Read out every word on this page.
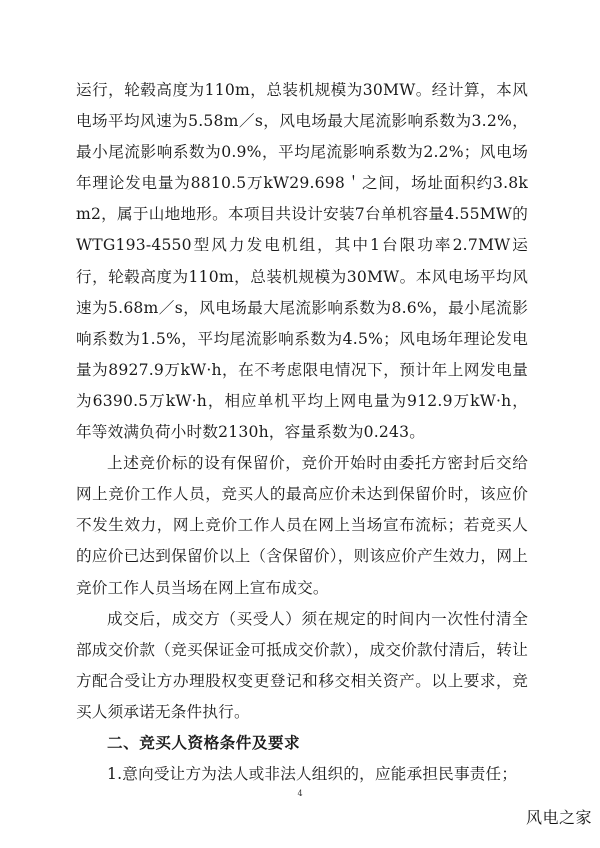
运行，轮毂高度为110m，总装机规模为30MW。经计算，本风电场平均风速为5.58m／s，风电场最大尾流影响系数为3.2%，最小尾流影响系数为0.9%，平均尾流影响系数为2.2%；风电场年理论发电量为8810.5万kW29.698＇之间，场址面积约3.8km2，属于山地地形。本项目共设计安装7台单机容量4.55MW的WTG193-4550型风力发电机组，其中1台限功率2.7MW运行，轮毂高度为110m，总装机规模为30MW。本风电场平均风速为5.68m／s，风电场最大尾流影响系数为8.6%，最小尾流影响系数为1.5%，平均尾流影响系数为4.5%；风电场年理论发电量为8927.9万kW·h，在不考虑限电情况下，预计年上网发电量为6390.5万kW·h，相应单机平均上网电量为912.9万kW·h，年等效满负荷小时数2130h，容量系数为0.243。

上述竞价标的设有保留价，竞价开始时由委托方密封后交给网上竞价工作人员，竞买人的最高应价未达到保留价时，该应价不发生效力，网上竞价工作人员在网上当场宣布流标；若竞买人的应价已达到保留价以上（含保留价），则该应价产生效力，网上竞价工作人员当场在网上宣布成交。

成交后，成交方（买受人）须在规定的时间内一次性付清全部成交价款（竞买保证金可抵成交价款），成交价款付清后，转让方配合受让方办理股权变更登记和移交相关资产。以上要求，竞买人须承诺无条件执行。

二、竞买人资格条件及要求

1.意向受让方为法人或非法人组织的，应能承担民事责任；

4
风电之家
